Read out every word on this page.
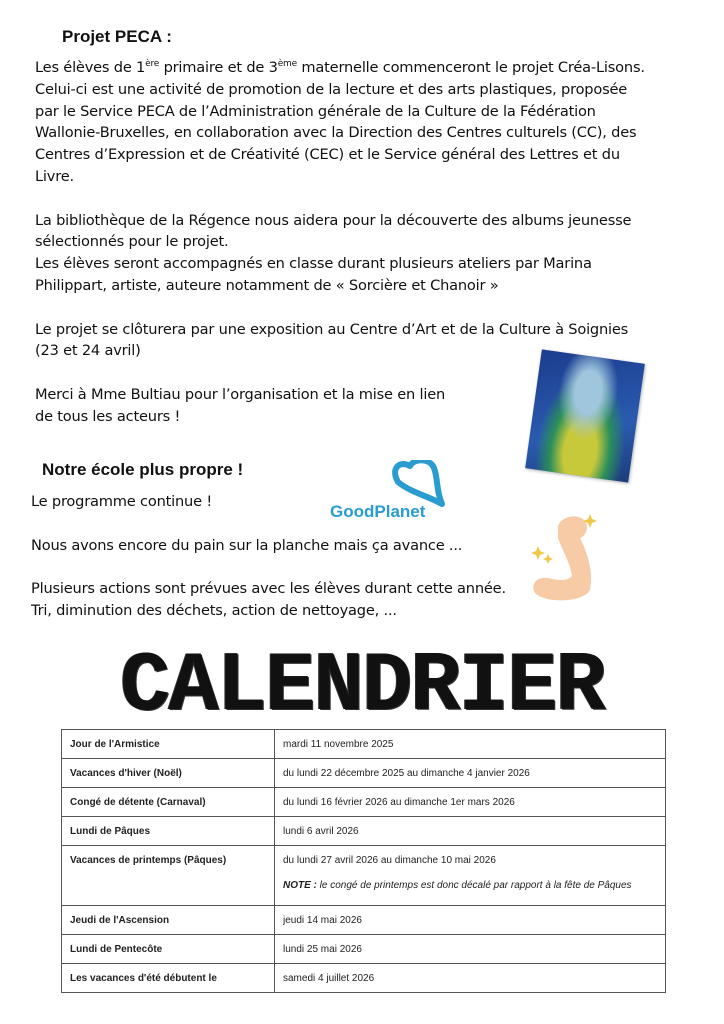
Projet PECA :
Les élèves de 1ère primaire et de 3ème maternelle commenceront le projet Créa-Lisons.
Celui-ci est une activité de promotion de la lecture et des arts plastiques, proposée
par le Service PECA de l’Administration générale de la Culture de la Fédération
Wallonie-Bruxelles, en collaboration avec la Direction des Centres culturels (CC), des
Centres d’Expression et de Créativité (CEC) et le Service général des Lettres et du
Livre.
La bibliothèque de la Régence nous aidera pour la découverte des albums jeunesse
sélectionnés pour le projet.
Les élèves seront accompagnés en classe durant plusieurs ateliers par Marina
Philippart, artiste, auteure notamment de « Sorcière et Chanoir »
Le projet se clôturera par une exposition au Centre d’Art et de la Culture à Soignies
(23 et 24 avril)
Merci à Mme Bultiau pour l’organisation et la mise en lien
de tous les acteurs !
Notre école plus propre !
Le programme continue !
Nous avons encore du pain sur la planche mais ça avance ...
Plusieurs actions sont prévues avec les élèves durant cette année.
Tri, diminution des déchets, action de nettoyage, ...
GoodPlanet
CALENDRIER
Jour de l'Armistice	mardi 11 novembre 2025
Vacances d'hiver (Noël)	du lundi 22 décembre 2025 au dimanche 4 janvier 2026
Congé de détente (Carnaval)	du lundi 16 février 2026 au dimanche 1er mars 2026
Lundi de Pâques	lundi 6 avril 2026
Vacances de printemps (Pâques)	du lundi 27 avril 2026 au dimanche 10 mai 2026
NOTE : le congé de printemps est donc décalé par rapport à la fête de Pâques

Jeudi de l'Ascension	jeudi 14 mai 2026
Lundi de Pentecôte	lundi 25 mai 2026
Les vacances d'été débutent le	samedi 4 juillet 2026
